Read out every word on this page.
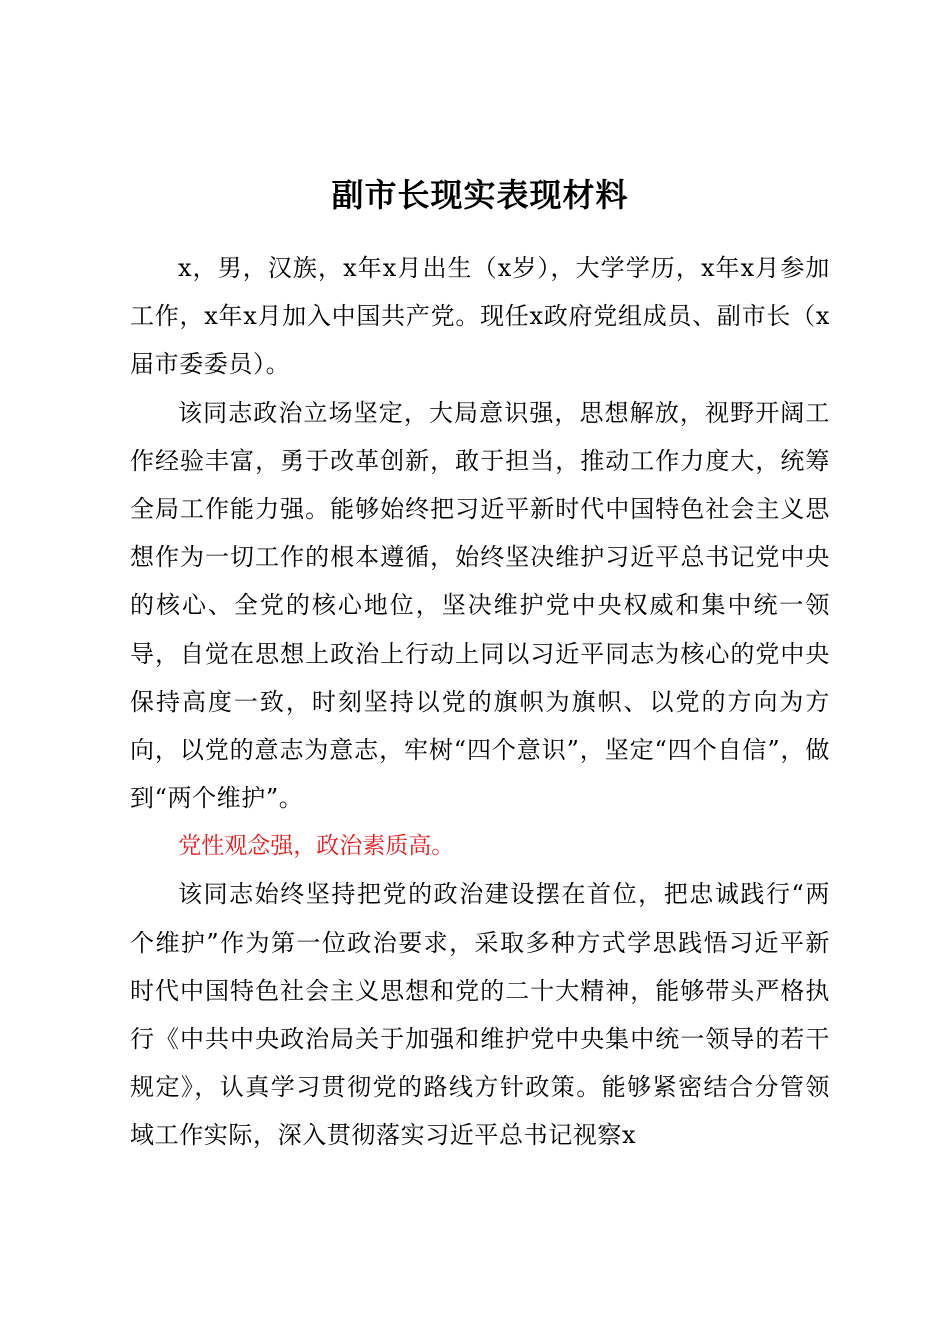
副市长现实表现材料

x，男，汉族，x年x月出生（x岁），大学学历，x年x月参加工作，x年x月加入中国共产党。现任x政府党组成员、副市长（x届市委委员）。

该同志政治立场坚定，大局意识强，思想解放，视野开阔工作经验丰富，勇于改革创新，敢于担当，推动工作力度大，统筹全局工作能力强。能够始终把习近平新时代中国特色社会主义思想作为一切工作的根本遵循，始终坚决维护习近平总书记党中央的核心、全党的核心地位，坚决维护党中央权威和集中统一领导，自觉在思想上政治上行动上同以习近平同志为核心的党中央保持高度一致，时刻坚持以党的旗帜为旗帜、以党的方向为方向，以党的意志为意志，牢树“四个意识”，坚定“四个自信”，做到“两个维护”。

党性观念强，政治素质高。

该同志始终坚持把党的政治建设摆在首位，把忠诚践行“两个维护”作为第一位政治要求，采取多种方式学思践悟习近平新时代中国特色社会主义思想和党的二十大精神，能够带头严格执行《中共中央政治局关于加强和维护党中央集中统一领导的若干规定》，认真学习贯彻党的路线方针政策。能够紧密结合分管领域工作实际，深入贯彻落实习近平总书记视察x
